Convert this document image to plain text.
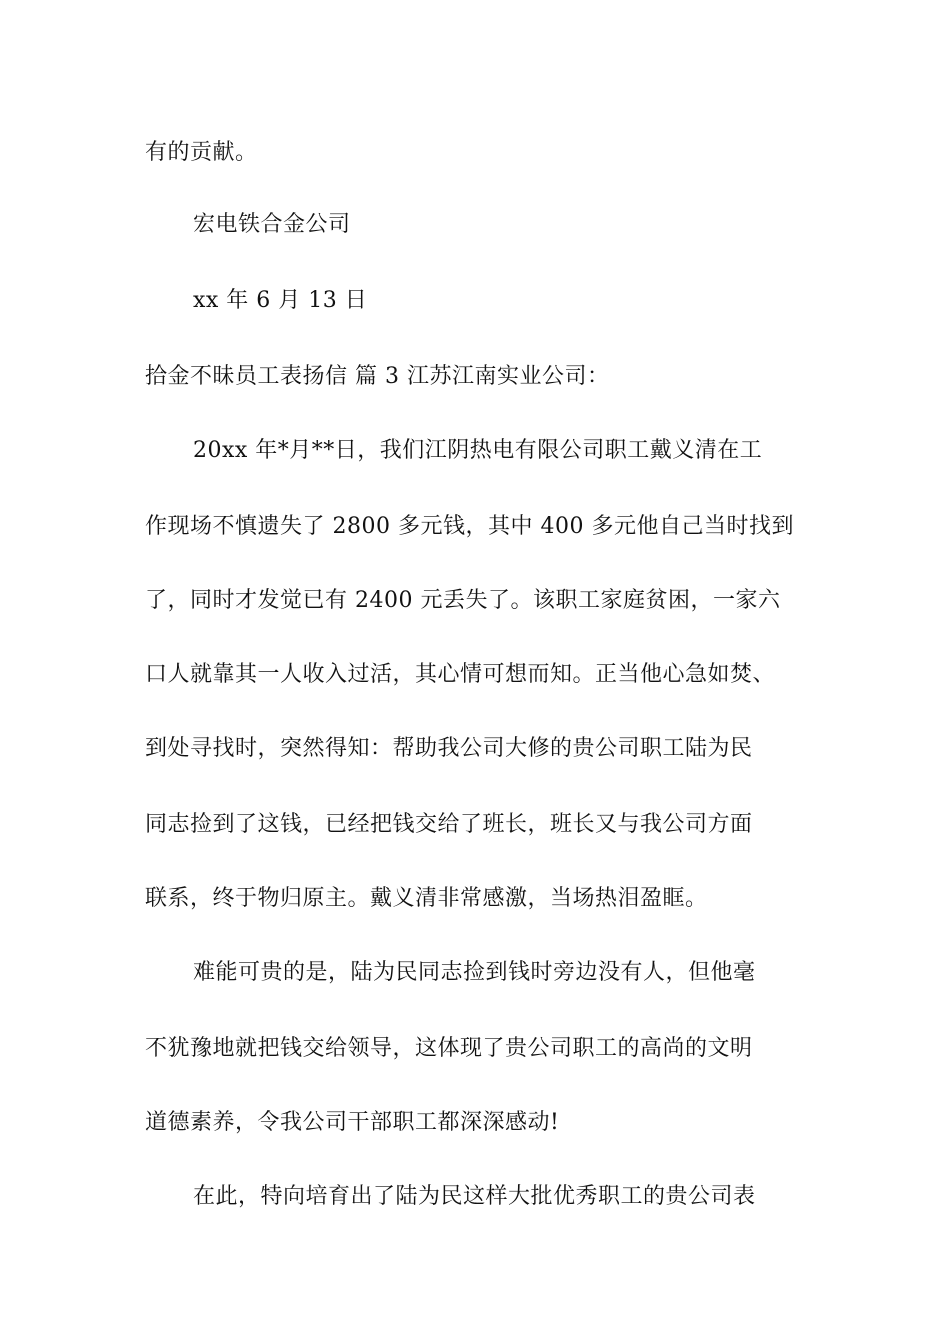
有的贡献。
宏电铁合金公司
xx 年 6 月 13 日
拾金不昧员工表扬信 篇 3 江苏江南实业公司：
20xx 年*月**日，我们江阴热电有限公司职工戴义清在工
作现场不慎遗失了 2800 多元钱，其中 400 多元他自己当时找到
了，同时才发觉已有 2400 元丢失了。该职工家庭贫困，一家六
口人就靠其一人收入过活，其心情可想而知。正当他心急如焚、
到处寻找时，突然得知：帮助我公司大修的贵公司职工陆为民
同志捡到了这钱，已经把钱交给了班长，班长又与我公司方面
联系，终于物归原主。戴义清非常感激，当场热泪盈眶。
难能可贵的是，陆为民同志捡到钱时旁边没有人，但他毫
不犹豫地就把钱交给领导，这体现了贵公司职工的高尚的文明
道德素养，令我公司干部职工都深深感动!
在此，特向培育出了陆为民这样大批优秀职工的贵公司表
